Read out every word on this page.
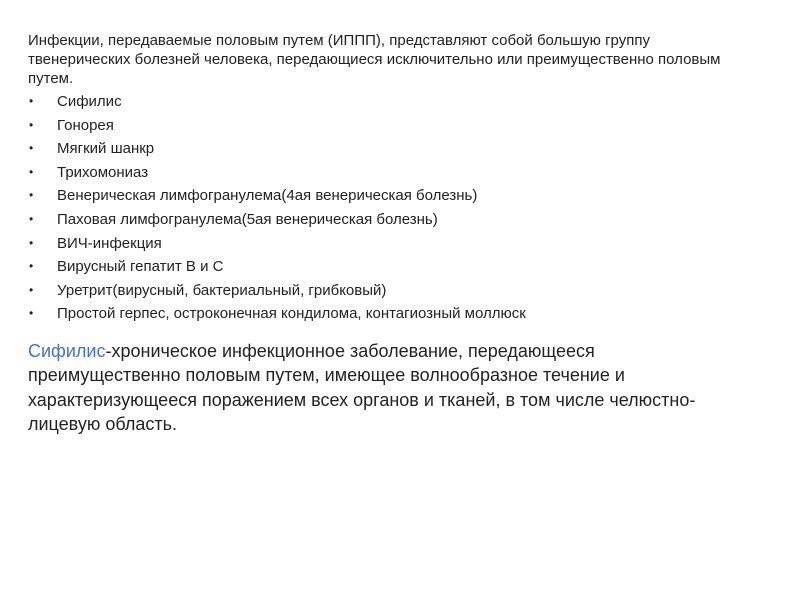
Инфекции, передаваемые половым путем (ИППП), представляют собой большую группу твенерических болезней человека, передающиеся исключительно или преимущественно половым путем.

• Сифилис
• Гонорея
• Мягкий шанкр
• Трихомониаз
• Венерическая лимфогранулема(4ая венерическая болезнь)
• Паховая лимфогранулема(5ая венерическая болезнь)
• ВИЧ-инфекция
• Вирусный гепатит В и С
• Уретрит(вирусный, бактериальный, грибковый)
• Простой герпес, остроконечная кондилома, контагиозный моллюск

Сифилис-хроническое инфекционное заболевание, передающееся преимущественно половым путем, имеющее волнообразное течение и характеризующееся поражением всех органов и тканей, в том числе челюстно-лицевую область.
